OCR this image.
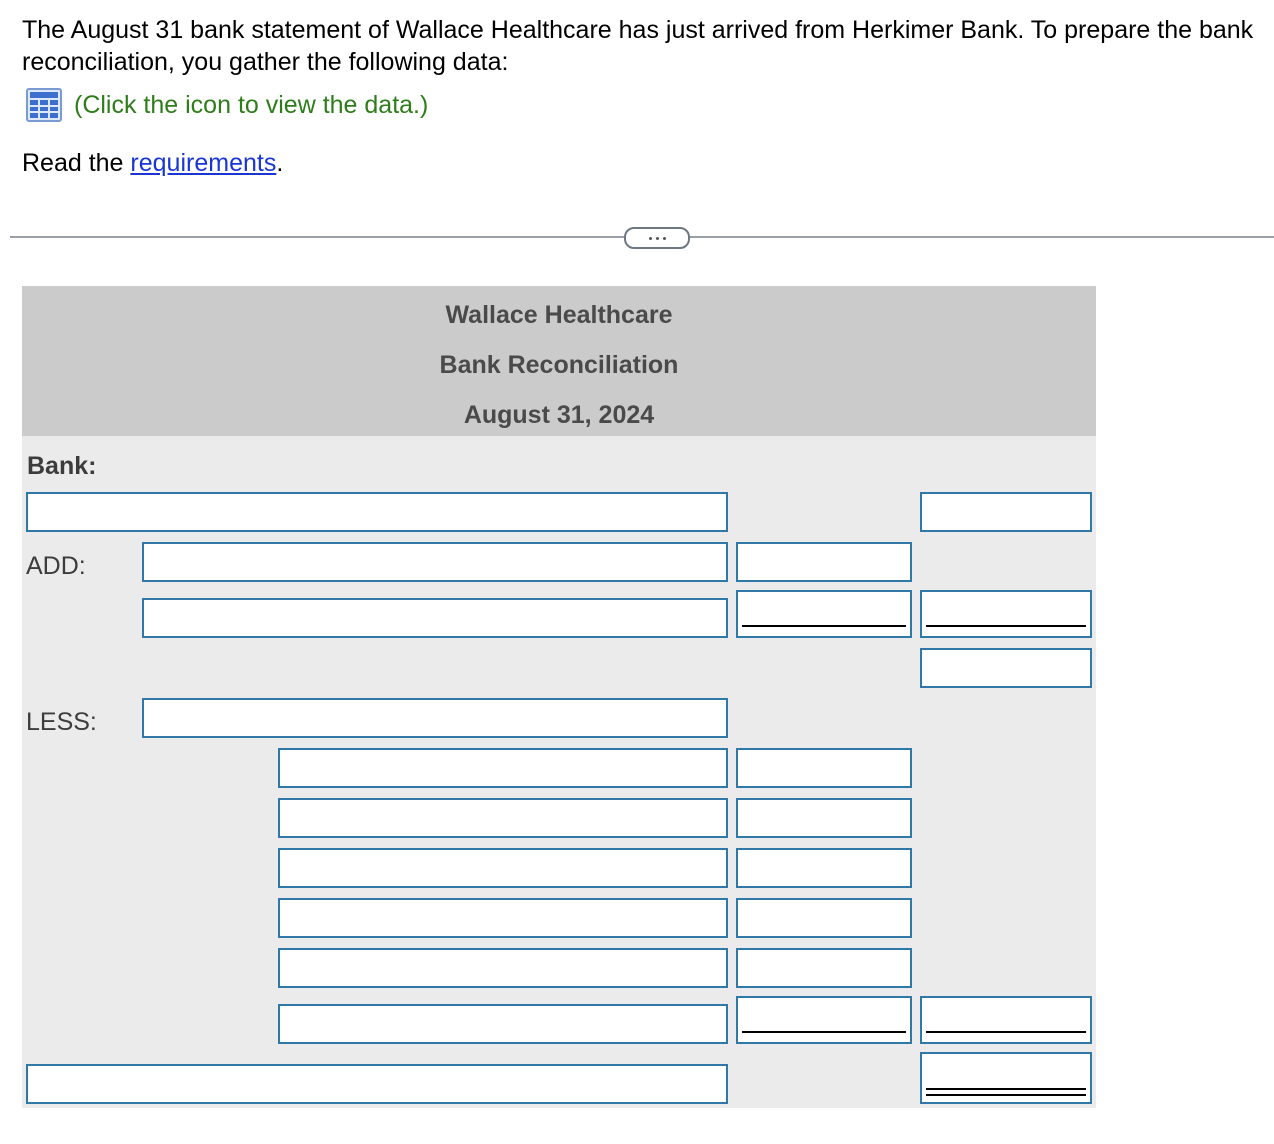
The August 31 bank statement of Wallace Healthcare has just arrived from Herkimer Bank. To prepare the bank reconciliation, you gather the following data:
(Click the icon to view the data.)
Read the requirements.
Wallace Healthcare
Bank Reconciliation
August 31, 2024
Bank:
ADD:
LESS:
